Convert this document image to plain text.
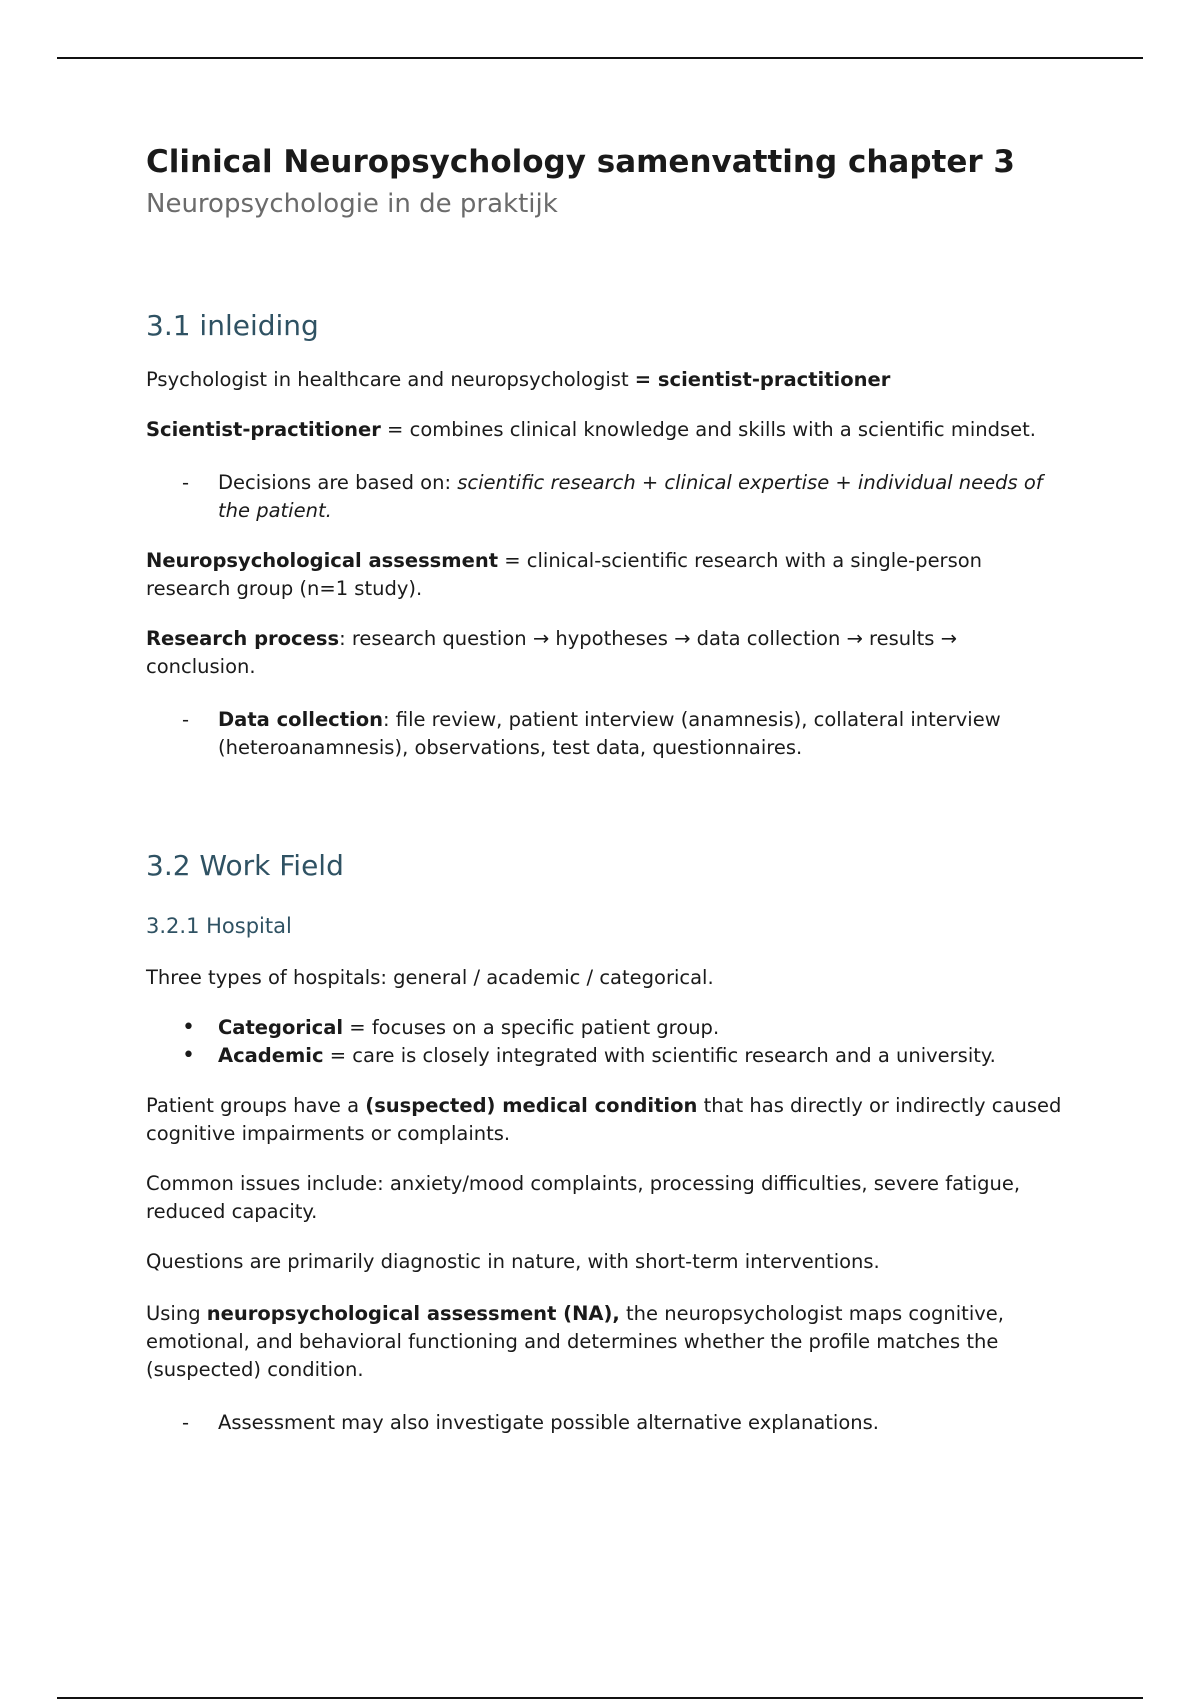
Clinical Neuropsychology samenvatting chapter 3
Neuropsychologie in de praktijk
3.1 inleiding

Psychologist in healthcare and neuropsychologist = scientist-practitioner

Scientist-practitioner = combines clinical knowledge and skills with a scientific mindset.

- Decisions are based on: scientific research + clinical expertise + individual needs of the patient.

Neuropsychological assessment = clinical-scientific research with a single-person research group (n=1 study).

Research process: research question → hypotheses → data collection → results → conclusion.

- Data collection: file review, patient interview (anamnesis), collateral interview (heteroanamnesis), observations, test data, questionnaires.
3.2 Work Field
3.2.1 Hospital

Three types of hospitals: general / academic / categorical.

• Categorical = focuses on a specific patient group.
• Academic = care is closely integrated with scientific research and a university.

Patient groups have a (suspected) medical condition that has directly or indirectly caused cognitive impairments or complaints.

Common issues include: anxiety/mood complaints, processing difficulties, severe fatigue, reduced capacity.

Questions are primarily diagnostic in nature, with short-term interventions.

Using neuropsychological assessment (NA), the neuropsychologist maps cognitive, emotional, and behavioral functioning and determines whether the profile matches the (suspected) condition.

- Assessment may also investigate possible alternative explanations.
